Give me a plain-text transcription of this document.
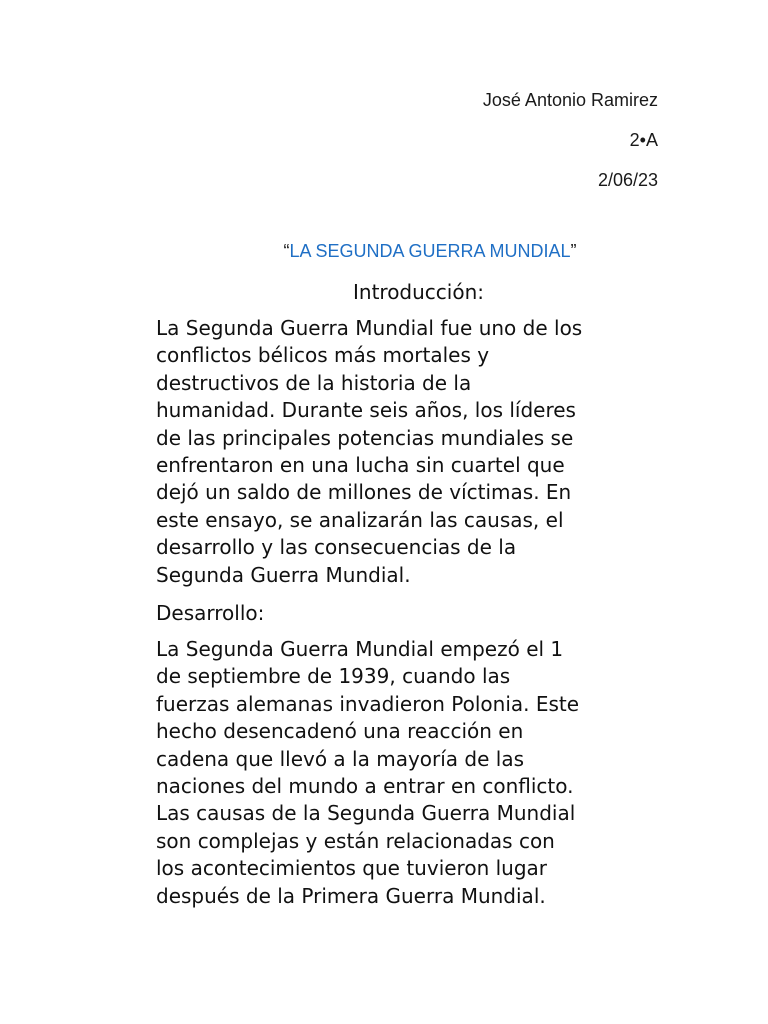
José Antonio Ramirez
2•A
2/06/23
“LA SEGUNDA GUERRA MUNDIAL”
Introducción:
La Segunda Guerra Mundial fue uno de los
conflictos bélicos más mortales y
destructivos de la historia de la
humanidad. Durante seis años, los líderes
de las principales potencias mundiales se
enfrentaron en una lucha sin cuartel que
dejó un saldo de millones de víctimas. En
este ensayo, se analizarán las causas, el
desarrollo y las consecuencias de la
Segunda Guerra Mundial.
Desarrollo:
La Segunda Guerra Mundial empezó el 1
de septiembre de 1939, cuando las
fuerzas alemanas invadieron Polonia. Este
hecho desencadenó una reacción en
cadena que llevó a la mayoría de las
naciones del mundo a entrar en conflicto.
Las causas de la Segunda Guerra Mundial
son complejas y están relacionadas con
los acontecimientos que tuvieron lugar
después de la Primera Guerra Mundial.
